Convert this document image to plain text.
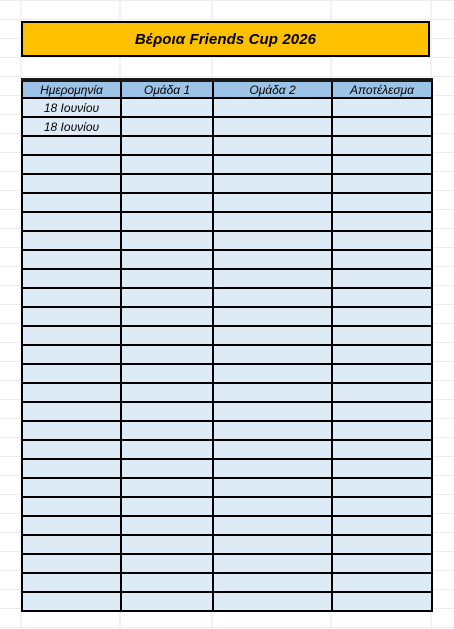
Βέροια Friends Cup 2026
Ημερομηνία	Ομάδα 1	Ομάδα 2	Αποτέλεσμα
18 Ιουνίου			
18 Ιουνίου			
